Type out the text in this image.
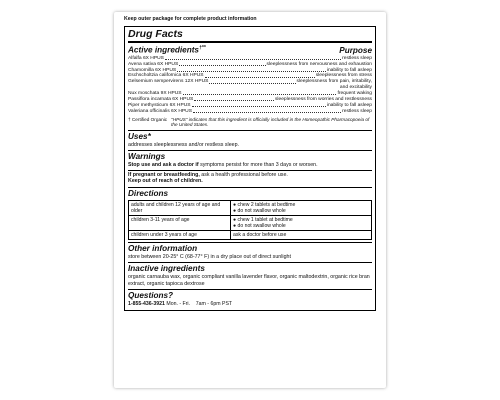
Keep outer package for complete product information
Drug Facts
Active ingredients†**	Purpose
Alfalfa 6X HPUS	restless sleep
Avena sativa 6X HPUS	sleeplessness from nervousness and exhaustion
Chamomilla 6X HPUS	inability to fall asleep
Eschscholtzia californica 6X HPUS	sleeplessness from stress
Gelsemium sempervirens 12X HPUS	sleeplessness from pain, irritability,
and excitability
Nux moschata 9X HPUS	frequent waking
Passiflora incarnata 6X HPUS	sleeplessness from worries and restlessness
Piper methysticum 6X HPUS	inability to fall asleep
Valeriana officinalis 6X HPUS	restless sleep
† Certified Organic "HPUS" indicates that this ingredient is officially included in the Homeopathic Pharmacopoeia of the United States.
Uses*
addresses sleeplessness and/or restless sleep.
Warnings
Stop use and ask a doctor if symptoms persist for more than 3 days or worsen.
If pregnant or breastfeeding, ask a health professional before use.
Keep out of reach of children.
Directions
adults and children 12 years of age and older	● chew 2 tablets at bedtime
● do not swallow whole

children 3-11 years of age	● chew 1 tablet at bedtime
● do not swallow whole

children under 3 years of age	ask a doctor before use
Other information
store between 20-25° C (68-77° F) in a dry place out of direct sunlight
Inactive ingredients
organic carnauba wax, organic compliant vanilla lavender flavor, organic maltodextrin, organic rice bran extract, organic tapioca dextrose
Questions?
1-855-436-3921 Mon. - Fri.    7am - 6pm PST
